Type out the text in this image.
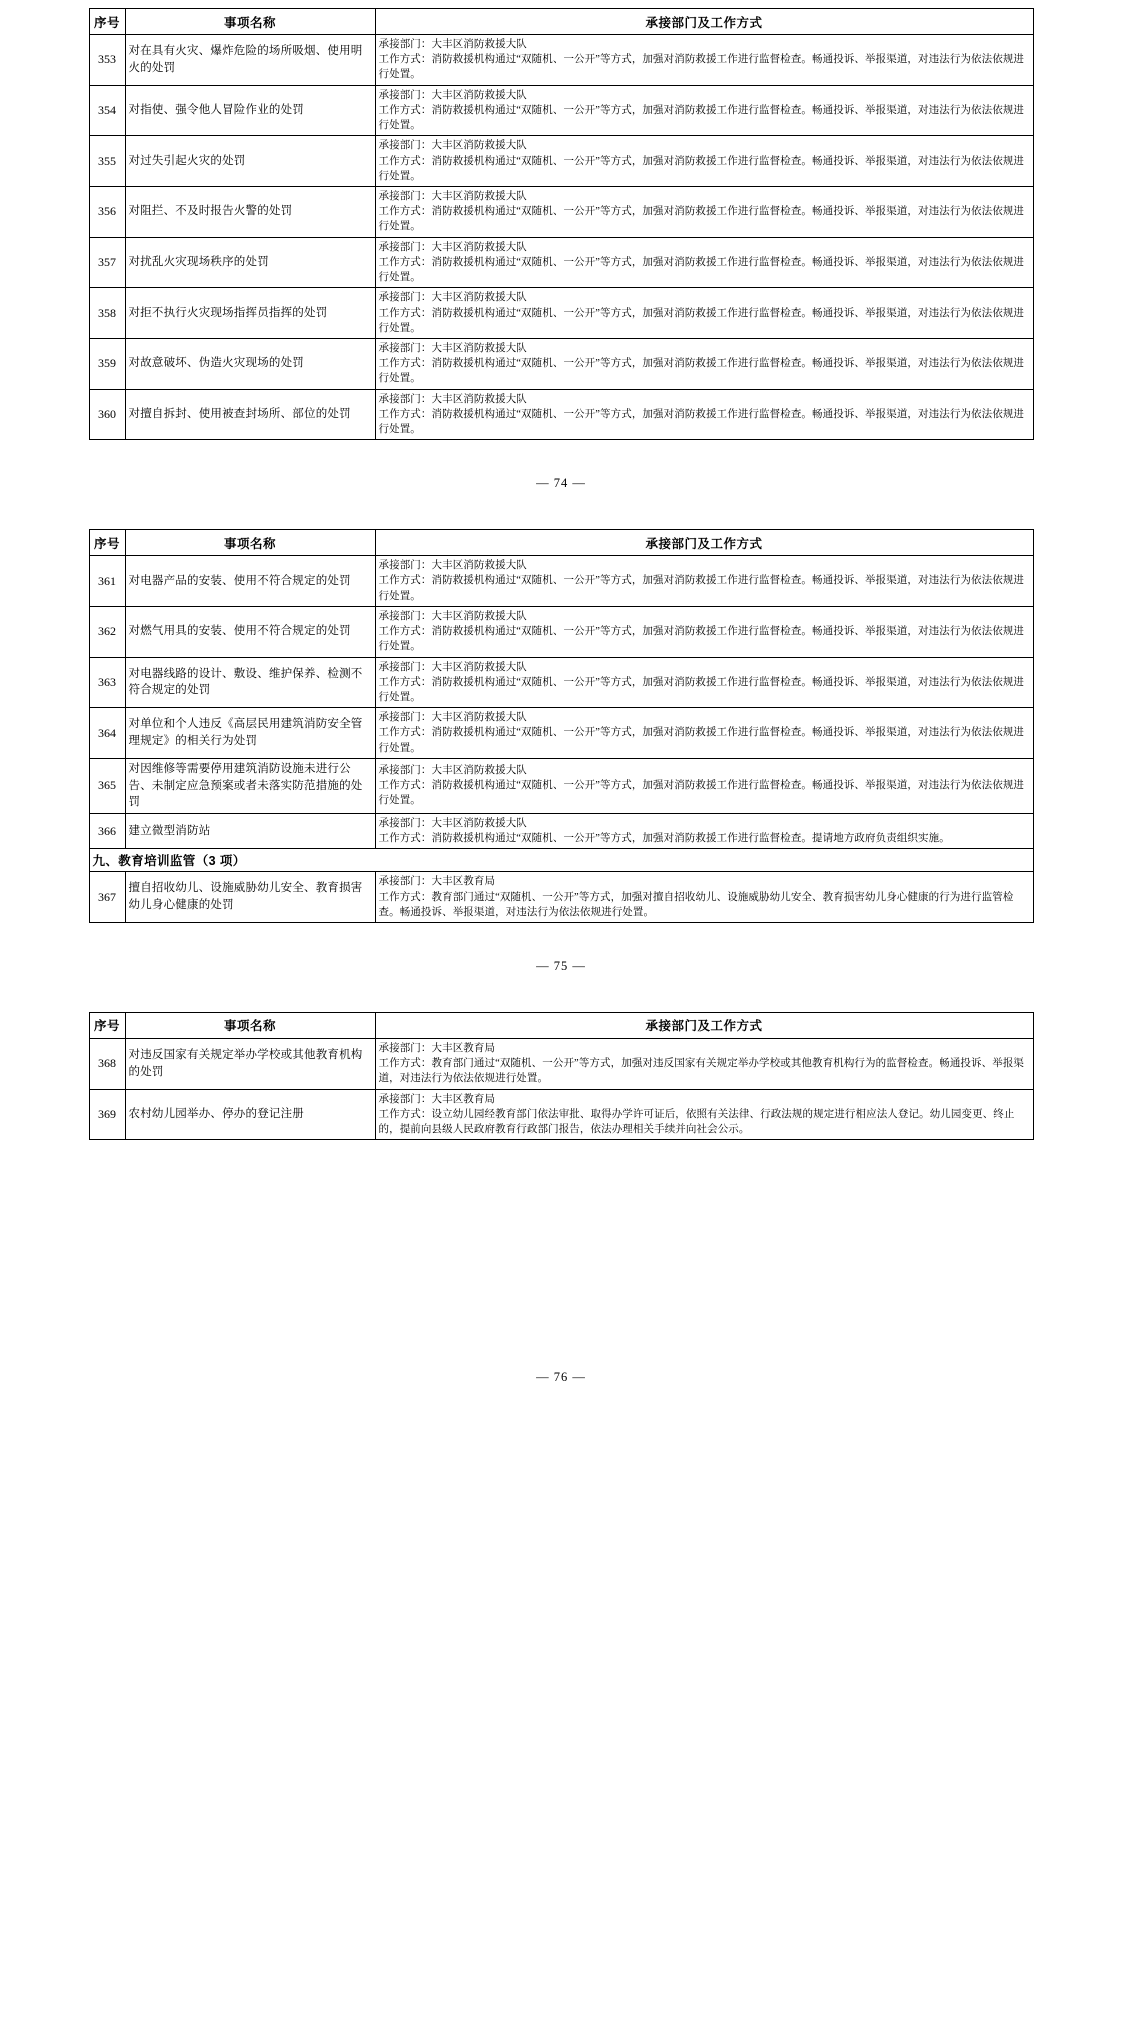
序号	事项名称	承接部门及工作方式
353	对在具有火灾、爆炸危险的场所吸烟、使用明火的处罚	承接部门：大丰区消防救援大队
工作方式：消防救援机构通过“双随机、一公开”等方式，加强对消防救援工作进行监督检查。畅通投诉、举报渠道，对违法行为依法依规进行处置。

354	对指使、强令他人冒险作业的处罚	承接部门：大丰区消防救援大队
工作方式：消防救援机构通过“双随机、一公开”等方式，加强对消防救援工作进行监督检查。畅通投诉、举报渠道，对违法行为依法依规进行处置。

355	对过失引起火灾的处罚	承接部门：大丰区消防救援大队
工作方式：消防救援机构通过“双随机、一公开”等方式，加强对消防救援工作进行监督检查。畅通投诉、举报渠道，对违法行为依法依规进行处置。

356	对阻拦、不及时报告火警的处罚	承接部门：大丰区消防救援大队
工作方式：消防救援机构通过“双随机、一公开”等方式，加强对消防救援工作进行监督检查。畅通投诉、举报渠道，对违法行为依法依规进行处置。

357	对扰乱火灾现场秩序的处罚	承接部门：大丰区消防救援大队
工作方式：消防救援机构通过“双随机、一公开”等方式，加强对消防救援工作进行监督检查。畅通投诉、举报渠道，对违法行为依法依规进行处置。

358	对拒不执行火灾现场指挥员指挥的处罚	承接部门：大丰区消防救援大队
工作方式：消防救援机构通过“双随机、一公开”等方式，加强对消防救援工作进行监督检查。畅通投诉、举报渠道，对违法行为依法依规进行处置。

359	对故意破坏、伪造火灾现场的处罚	承接部门：大丰区消防救援大队
工作方式：消防救援机构通过“双随机、一公开”等方式，加强对消防救援工作进行监督检查。畅通投诉、举报渠道，对违法行为依法依规进行处置。

360	对擅自拆封、使用被查封场所、部位的处罚	承接部门：大丰区消防救援大队
工作方式：消防救援机构通过“双随机、一公开”等方式，加强对消防救援工作进行监督检查。畅通投诉、举报渠道，对违法行为依法依规进行处置。
— 74 —
序号	事项名称	承接部门及工作方式
361	对电器产品的安装、使用不符合规定的处罚	承接部门：大丰区消防救援大队
工作方式：消防救援机构通过“双随机、一公开”等方式，加强对消防救援工作进行监督检查。畅通投诉、举报渠道，对违法行为依法依规进行处置。

362	对燃气用具的安装、使用不符合规定的处罚	承接部门：大丰区消防救援大队
工作方式：消防救援机构通过“双随机、一公开”等方式，加强对消防救援工作进行监督检查。畅通投诉、举报渠道，对违法行为依法依规进行处置。

363	对电器线路的设计、敷设、维护保养、检测不符合规定的处罚	承接部门：大丰区消防救援大队
工作方式：消防救援机构通过“双随机、一公开”等方式，加强对消防救援工作进行监督检查。畅通投诉、举报渠道，对违法行为依法依规进行处置。

364	对单位和个人违反《高层民用建筑消防安全管理规定》的相关行为处罚	承接部门：大丰区消防救援大队
工作方式：消防救援机构通过“双随机、一公开”等方式，加强对消防救援工作进行监督检查。畅通投诉、举报渠道，对违法行为依法依规进行处置。

365	对因维修等需要停用建筑消防设施未进行公告、未制定应急预案或者未落实防范措施的处罚	承接部门：大丰区消防救援大队
工作方式：消防救援机构通过“双随机、一公开”等方式，加强对消防救援工作进行监督检查。畅通投诉、举报渠道，对违法行为依法依规进行处置。

366	建立微型消防站	承接部门：大丰区消防救援大队
工作方式：消防救援机构通过“双随机、一公开”等方式，加强对消防救援工作进行监督检查。提请地方政府负责组织实施。

九、教育培训监管（3 项）		
367	擅自招收幼儿、设施威胁幼儿安全、教育损害幼儿身心健康的处罚	承接部门：大丰区教育局
工作方式：教育部门通过“双随机、一公开”等方式，加强对擅自招收幼儿、设施威胁幼儿安全、教育损害幼儿身心健康的行为进行监管检查。畅通投诉、举报渠道，对违法行为依法依规进行处置。
— 75 —
序号	事项名称	承接部门及工作方式
368	对违反国家有关规定举办学校或其他教育机构的处罚	承接部门：大丰区教育局
工作方式：教育部门通过“双随机、一公开”等方式，加强对违反国家有关规定举办学校或其他教育机构行为的监督检查。畅通投诉、举报渠道，对违法行为依法依规进行处置。

369	农村幼儿园举办、停办的登记注册	承接部门：大丰区教育局
工作方式：设立幼儿园经教育部门依法审批、取得办学许可证后，依照有关法律、行政法规的规定进行相应法人登记。幼儿园变更、终止的，提前向县级人民政府教育行政部门报告，依法办理相关手续并向社会公示。
— 76 —
